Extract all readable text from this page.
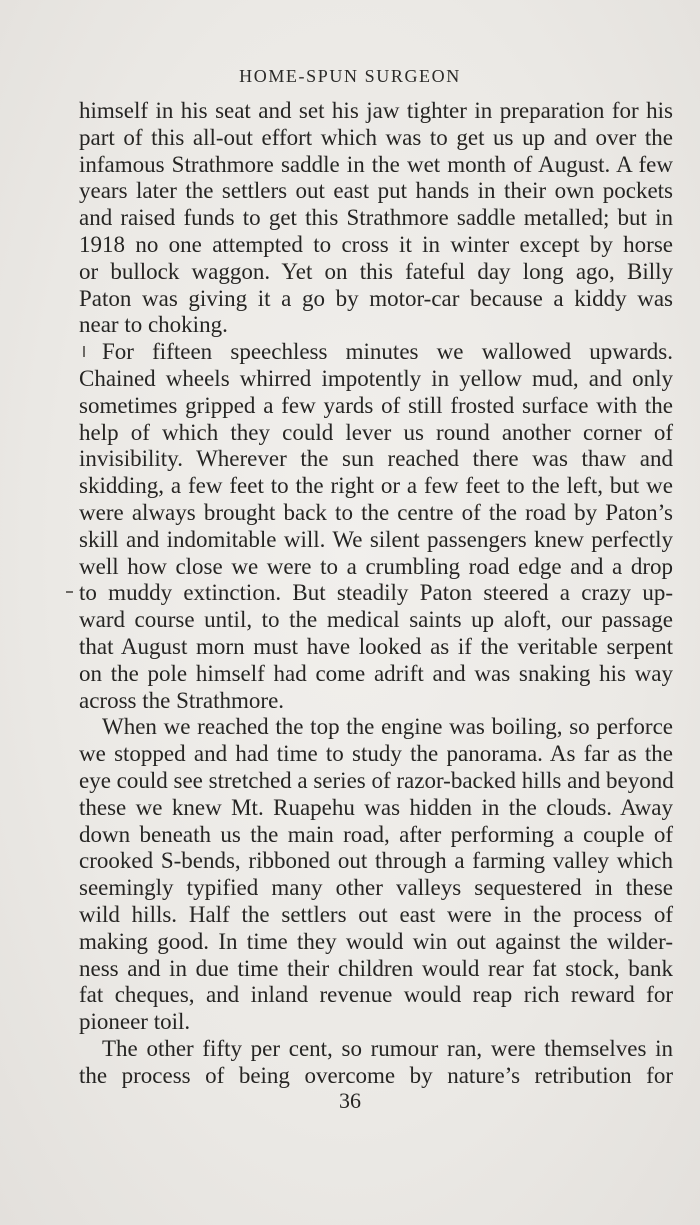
HOME-SPUN SURGEON
himself in his seat and set his jaw tighter in preparation for his
part of this all-out effort which was to get us up and over the
infamous Strathmore saddle in the wet month of August. A few
years later the settlers out east put hands in their own pockets
and raised funds to get this Strathmore saddle metalled; but in
1918 no one attempted to cross it in winter except by horse
or bullock waggon. Yet on this fateful day long ago, Billy
Paton was giving it a go by motor-car because a kiddy was
near to choking.
For fifteen speechless minutes we wallowed upwards.
Chained wheels whirred impotently in yellow mud, and only
sometimes gripped a few yards of still frosted surface with the
help of which they could lever us round another corner of
invisibility. Wherever the sun reached there was thaw and
skidding, a few feet to the right or a few feet to the left, but we
were always brought back to the centre of the road by Paton’s
skill and indomitable will. We silent passengers knew perfectly
well how close we were to a crumbling road edge and a drop
to muddy extinction. But steadily Paton steered a crazy up-
ward course until, to the medical saints up aloft, our passage
that August morn must have looked as if the veritable serpent
on the pole himself had come adrift and was snaking his way
across the Strathmore.
When we reached the top the engine was boiling, so perforce
we stopped and had time to study the panorama. As far as the
eye could see stretched a series of razor-backed hills and beyond
these we knew Mt. Ruapehu was hidden in the clouds. Away
down beneath us the main road, after performing a couple of
crooked S-bends, ribboned out through a farming valley which
seemingly typified many other valleys sequestered in these
wild hills. Half the settlers out east were in the process of
making good. In time they would win out against the wilder-
ness and in due time their children would rear fat stock, bank
fat cheques, and inland revenue would reap rich reward for
pioneer toil.
The other fifty per cent, so rumour ran, were themselves in
the process of being overcome by nature’s retribution for
36
